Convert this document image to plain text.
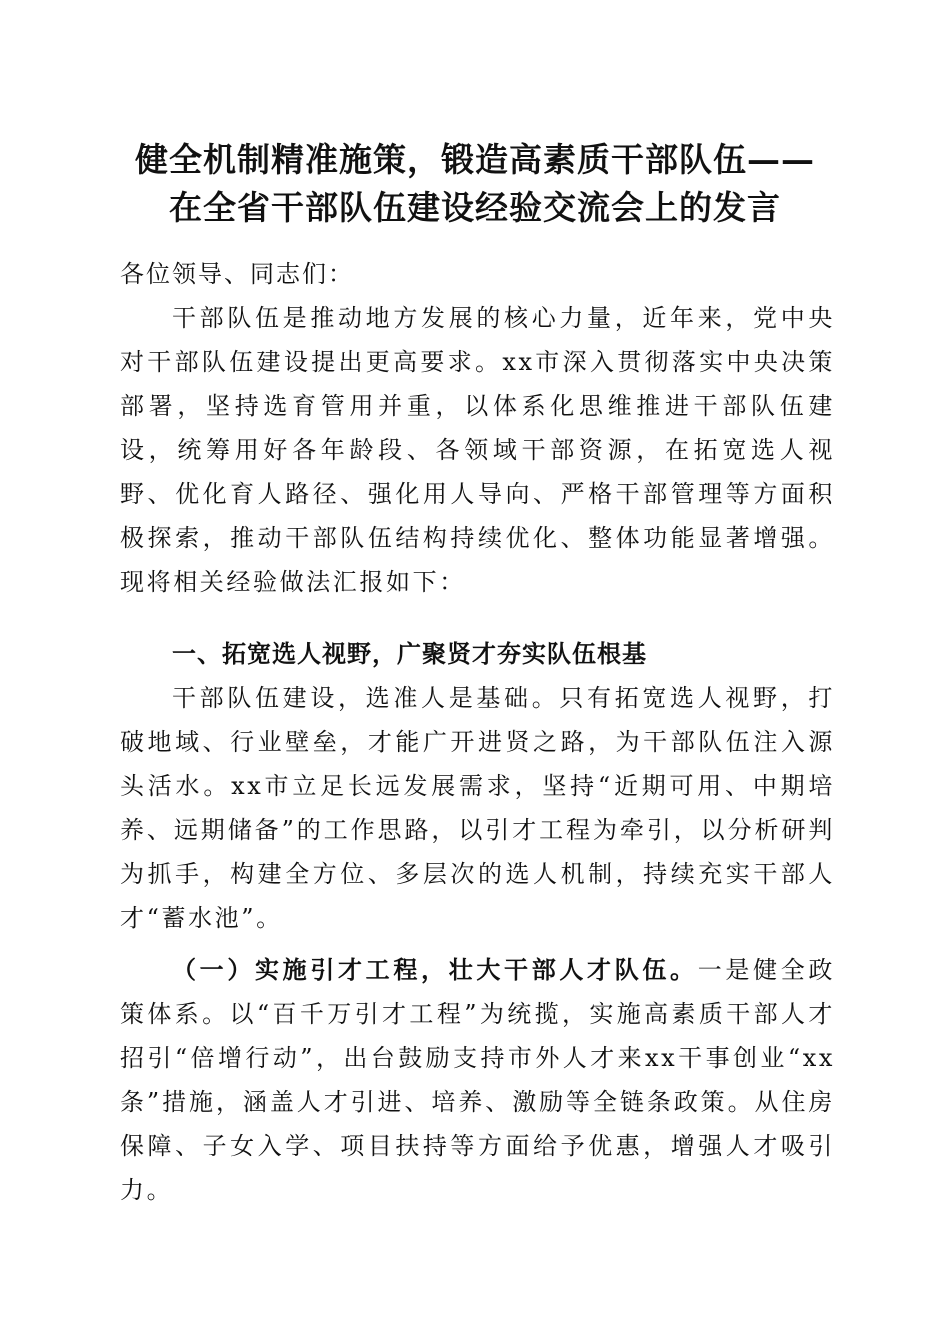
健全机制精准施策，锻造高素质干部队伍——
在全省干部队伍建设经验交流会上的发言
各位领导、同志们：
干部队伍是推动地方发展的核心力量，近年来，党中央对干部队伍建设提出更高要求。xx市深入贯彻落实中央决策部署，坚持选育管用并重，以体系化思维推进干部队伍建设，统筹用好各年龄段、各领域干部资源，在拓宽选人视野、优化育人路径、强化用人导向、严格干部管理等方面积极探索，推动干部队伍结构持续优化、整体功能显著增强。现将相关经验做法汇报如下：
一、拓宽选人视野，广聚贤才夯实队伍根基
干部队伍建设，选准人是基础。只有拓宽选人视野，打破地域、行业壁垒，才能广开进贤之路，为干部队伍注入源头活水。xx市立足长远发展需求，坚持“近期可用、中期培养、远期储备”的工作思路，以引才工程为牵引，以分析研判为抓手，构建全方位、多层次的选人机制，持续充实干部人才“蓄水池”。
（一）实施引才工程，壮大干部人才队伍。一是健全政策体系。以“百千万引才工程”为统揽，实施高素质干部人才招引“倍增行动”，出台鼓励支持市外人才来xx干事创业“xx条”措施，涵盖人才引进、培养、激励等全链条政策。从住房保障、子女入学、项目扶持等方面给予优惠，增强人才吸引力。
